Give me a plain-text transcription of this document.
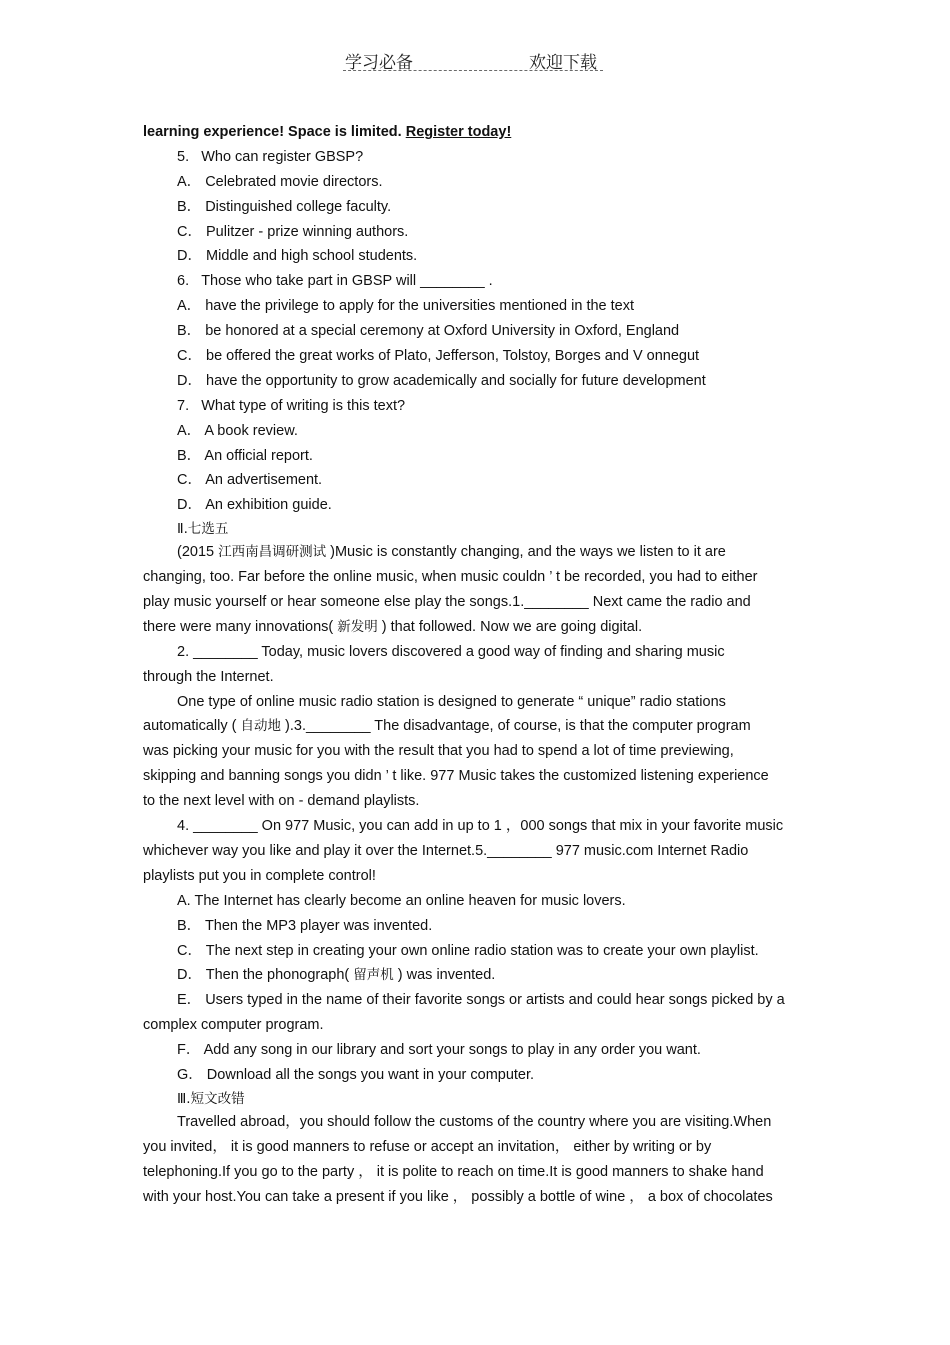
学习必备	欢迎下载
learning experience! Space is limited. Register today!
5. Who can register GBSP?
A． Celebrated movie directors.
B． Distinguished college faculty.
C． Pulitzer - prize winning authors.
D． Middle and high school students.
6. Those who take part in GBSP will ________ .
A． have the privilege to apply for the universities mentioned in the text
B． be honored at a special ceremony at Oxford University in Oxford, England
C． be offered the great works of Plato, Jefferson, Tolstoy, Borges and V onnegut
D． have the opportunity to grow academically and socially for future development
7. What type of writing is this text?
A． A book review.
B． An official report.
C． An advertisement.
D． An exhibition guide.
Ⅱ.七选五
(2015 江西南昌调研测试 )Music is constantly changing, and the ways we listen to it are
changing, too. Far before the online music, when music couldn ’ t be recorded, you had to either
play music yourself or hear someone else play the songs.1.________ Next came the radio and
there were many innovations( 新发明 ) that followed. Now we are going digital.
2. ________ Today, music lovers discovered a good way of finding and sharing music
through the Internet.
One type of online music radio station is designed to generate “ unique” radio stations
automatically ( 自动地 ).3.________ The disadvantage, of course, is that the computer program
was picking your music for you with the result that you had to spend a lot of time previewing,
skipping and banning songs you didn ’ t like. 977 Music takes the customized listening experience
to the next level with on - demand playlists.
4. ________ On 977 Music, you can add in up to 1 ，000 songs that mix in your favorite music
whichever way you like and play it over the Internet.5.________ 977 music.com Internet Radio
playlists put you in complete control!
A. The Internet has clearly become an online heaven for music lovers.
B． Then the MP3 player was invented.
C． The next step in creating your own online radio station was to create your own playlist.
D． Then the phonograph( 留声机 ) was invented.
E． Users typed in the name of their favorite songs or artists and could hear songs picked by a
complex computer program.
F． Add any song in our library and sort your songs to play in any order you want.
G． Download all the songs you want in your computer.
Ⅲ.短文改错
Travelled abroad，you should follow the customs of the country where you are visiting.When
you invited， it is good manners to refuse or accept an invitation， either by writing or by
telephoning.If you go to the party ， it is polite to reach on time.It is good manners to shake hand
with your host.You can take a present if you like ， possibly a bottle of wine ， a box of chocolates
